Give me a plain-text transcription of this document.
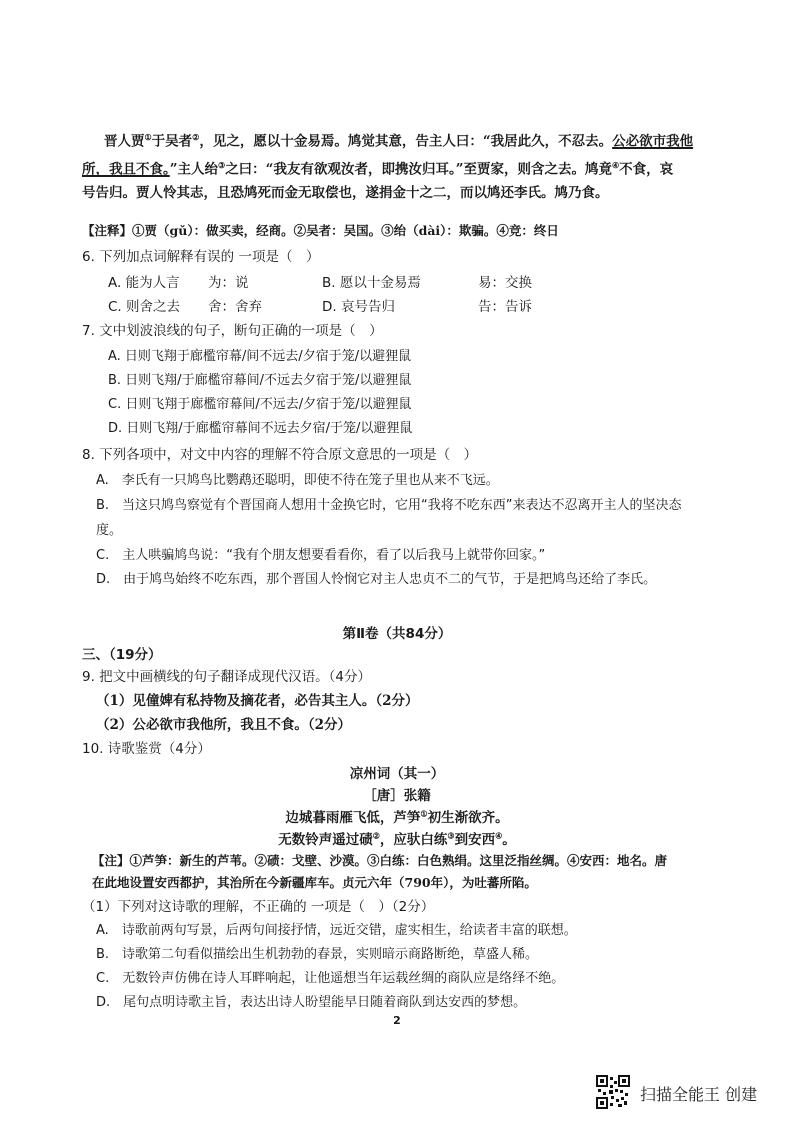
晋人贾①于吴者②，见之，愿以十金易焉。鸠觉其意，告主人曰：“我居此久，不忍去。公必欲市我他
所，我且不食。”主人绐③之曰：“我友有欲观汝者，即携汝归耳。”至贾家，则含之去。鸠竟④不食，哀
号告归。贾人怜其志，且恐鸠死而金无取偿也，遂捐金十之二，而以鸠还李氏。鸠乃食。
【注释】①贾（gǔ）：做买卖，经商。②吴者：吴国。③绐（dài）：欺骗。④竞：终日
6. 下列加点词解释有误的 一项是（　）
A. 能为人言 为：说	B. 愿以十金易焉	易：交换
C. 则舍之去 舍：舍弃	D. 哀号告归	告：告诉
7. 文中划波浪线的句子，断句正确的一项是（　）
A. 日则飞翔于廊檻帘幕/间不远去/夕宿于笼/以避狸鼠
B. 日则飞翔/于廊檻帘幕间/不远去夕宿于笼/以避狸鼠
C. 日则飞翔于廊檻帘幕间/不远去/夕宿于笼/以避狸鼠
D. 日则飞翔/于廊檻帘幕间不远去夕宿/于笼/以避狸鼠
8. 下列各项中，对文中内容的理解不符合原文意思的一项是（　）
A.　李氏有一只鸠鸟比鹦鹉还聪明，即使不待在笼子里也从来不飞远。
B.　当这只鸠鸟察觉有个晋国商人想用十金换它时，它用“我将不吃东西”来表达不忍离开主人的坚决态
度。
C.　主人哄骗鸠鸟说：“我有个朋友想要看看你，看了以后我马上就带你回家。”
D.　由于鸠鸟始终不吃东西，那个晋国人怜悯它对主人忠贞不二的气节，于是把鸠鸟还给了李氏。
第Ⅱ卷（共84分）
三、（19分）
9. 把文中画横线的句子翻译成现代汉语。（4分）
（1）见僮婢有私持物及摘花者，必告其主人。（2分）
（2）公必欲市我他所，我且不食。（2分）
10. 诗歌鉴赏（4分）
凉州词（其一）
［唐］张籍
边城暮雨雁飞低，芦笋①初生渐欲齐。
无数铃声遥过碛②，应驮白练③到安西④。
【注】①芦笋：新生的芦苇。②碛：戈壁、沙漠。③白练：白色熟绢。这里泛指丝绸。④安西：地名。唐
在此地设置安西都护，其治所在今新疆库车。贞元六年（790年），为吐蕃所陷。
（1）下列对这诗歌的理解，不正确的 一项是（　）（2分）
A.　诗歌前两句写景，后两句间接抒情，远近交错，虚实相生，给读者丰富的联想。
B.　诗歌第二句看似描绘出生机勃勃的春景，实则暗示商路断绝，草盛人稀。
C.　无数铃声仿佛在诗人耳畔响起，让他遥想当年运载丝绸的商队应是络绎不绝。
D.　尾句点明诗歌主旨，表达出诗人盼望能早日随着商队到达安西的梦想。
2
扫描全能王 创建
